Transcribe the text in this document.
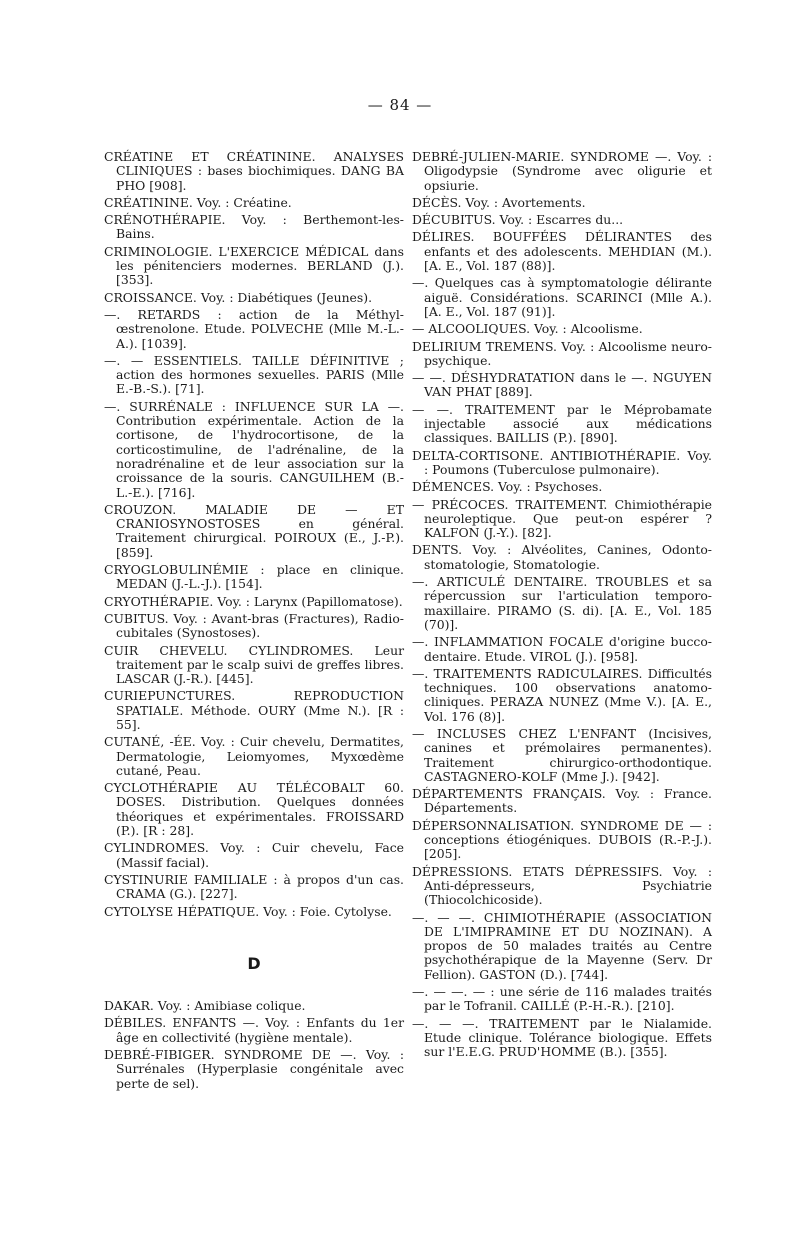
— 84 —

CRÉATINE ET CRÉATININE. ANALYSES CLINIQUES : bases biochimiques. DANG BA PHO [908].

CRÉATININE. Voy. : Créatine.

CRÉNOTHÉRAPIE. Voy. : Berthemont-les-Bains.

CRIMINOLOGIE. L'EXERCICE MÉDICAL dans les pénitenciers modernes. BERLAND (J.). [353].

CROISSANCE. Voy. : Diabétiques (Jeunes).

—. RETARDS : action de la Méthyl-œstrenolone. Etude. POLVECHE (Mlle M.-L.-A.). [1039].

—. — ESSENTIELS. TAILLE DÉFINITIVE ; action des hormones sexuelles. PARIS (Mlle E.-B.-S.). [71].

—. SURRÉNALE : INFLUENCE SUR LA —. Contribution expérimentale. Action de la cortisone, de l'hydrocortisone, de la corticostimuline, de l'adrénaline, de la noradrénaline et de leur association sur la croissance de la souris. CANGUILHEM (B.-L.-E.). [716].

CROUZON. MALADIE DE — ET CRANIOSYNOSTOSES en général. Traitement chirurgical. POIROUX (E., J.-P.). [859].

CRYOGLOBULINÉMIE : place en clinique. MEDAN (J.-L.-J.). [154].

CRYOTHÉRAPIE. Voy. : Larynx (Papillomatose).

CUBITUS. Voy. : Avant-bras (Fractures), Radio-cubitales (Synostoses).

CUIR CHEVELU. CYLINDROMES. Leur traitement par le scalp suivi de greffes libres. LASCAR (J.-R.). [445].

CURIEPUNCTURES. REPRODUCTION SPATIALE. Méthode. OURY (Mme N.). [R : 55].

CUTANÉ, -ÉE. Voy. : Cuir chevelu, Dermatites, Dermatologie, Leiomyomes, Myxœdème cutané, Peau.

CYCLOTHÉRAPIE AU TÉLÉCOBALT 60. DOSES. Distribution. Quelques données théoriques et expérimentales. FROISSARD (P.). [R : 28].

CYLINDROMES. Voy. : Cuir chevelu, Face (Massif facial).

CYSTINURIE FAMILIALE : à propos d'un cas. CRAMA (G.). [227].

CYTOLYSE HÉPATIQUE. Voy. : Foie. Cytolyse.

D

DAKAR. Voy. : Amibiase colique.

DÉBILES. ENFANTS —. Voy. : Enfants du 1er âge en collectivité (hygiène mentale).

DEBRÉ-FIBIGER. SYNDROME DE —. Voy. : Surrénales (Hyperplasie congénitale avec perte de sel).

DEBRÉ-JULIEN-MARIE. SYNDROME —. Voy. : Oligodypsie (Syndrome avec oligurie et opsiurie.

DÉCÈS. Voy. : Avortements.

DÉCUBITUS. Voy. : Escarres du...

DÉLIRES. BOUFFÉES DÉLIRANTES des enfants et des adolescents. MEHDIAN (M.). [A. E., Vol. 187 (88)].

—. Quelques cas à symptomatologie délirante aiguë. Considérations. SCARINCI (Mlle A.). [A. E., Vol. 187 (91)].

— ALCOOLIQUES. Voy. : Alcoolisme.

DELIRIUM TREMENS. Voy. : Alcoolisme neuro-psychique.

— —. DÉSHYDRATATION dans le —. NGUYEN VAN PHAT [889].

— —. TRAITEMENT par le Méprobamate injectable associé aux médications classiques. BAILLIS (P.). [890].

DELTA-CORTISONE. ANTIBIOTHÉRAPIE. Voy. : Poumons (Tuberculose pulmonaire).

DÉMENCES. Voy. : Psychoses.

— PRÉCOCES. TRAITEMENT. Chimiothérapie neuroleptique. Que peut-on espérer ? KALFON (J.-Y.). [82].

DENTS. Voy. : Alvéolites, Canines, Odonto-stomatologie, Stomatologie.

—. ARTICULÉ DENTAIRE. TROUBLES et sa répercussion sur l'articulation temporo-maxillaire. PIRAMO (S. di). [A. E., Vol. 185 (70)].

—. INFLAMMATION FOCALE d'origine bucco-dentaire. Etude. VIROL (J.). [958].

—. TRAITEMENTS RADICULAIRES. Difficultés techniques. 100 observations anatomo-cliniques. PERAZA NUNEZ (Mme V.). [A. E., Vol. 176 (8)].

— INCLUSES CHEZ L'ENFANT (Incisives, canines et prémolaires permanentes). Traitement chirurgico-orthodontique. CASTAGNERO-KOLF (Mme J.). [942].

DÉPARTEMENTS FRANÇAIS. Voy. : France. Départements.

DÉPERSONNALISATION. SYNDROME DE — : conceptions étiogéniques. DUBOIS (R.-P.-J.). [205].

DÉPRESSIONS. ETATS DÉPRESSIFS. Voy. : Anti-dépresseurs, Psychiatrie (Thiocolchicoside).

—. — —. CHIMIOTHÉRAPIE (ASSOCIATION DE L'IMIPRAMINE ET DU NOZINAN). A propos de 50 malades traités au Centre psychothérapique de la Mayenne (Serv. Dr Fellion). GASTON (D.). [744].

—. — —. — : une série de 116 malades traités par le Tofranil. CAILLÉ (P.-H.-R.). [210].

—. — —. TRAITEMENT par le Nialamide. Etude clinique. Tolérance biologique. Effets sur l'E.E.G. PRUD'HOMME (B.). [355].
